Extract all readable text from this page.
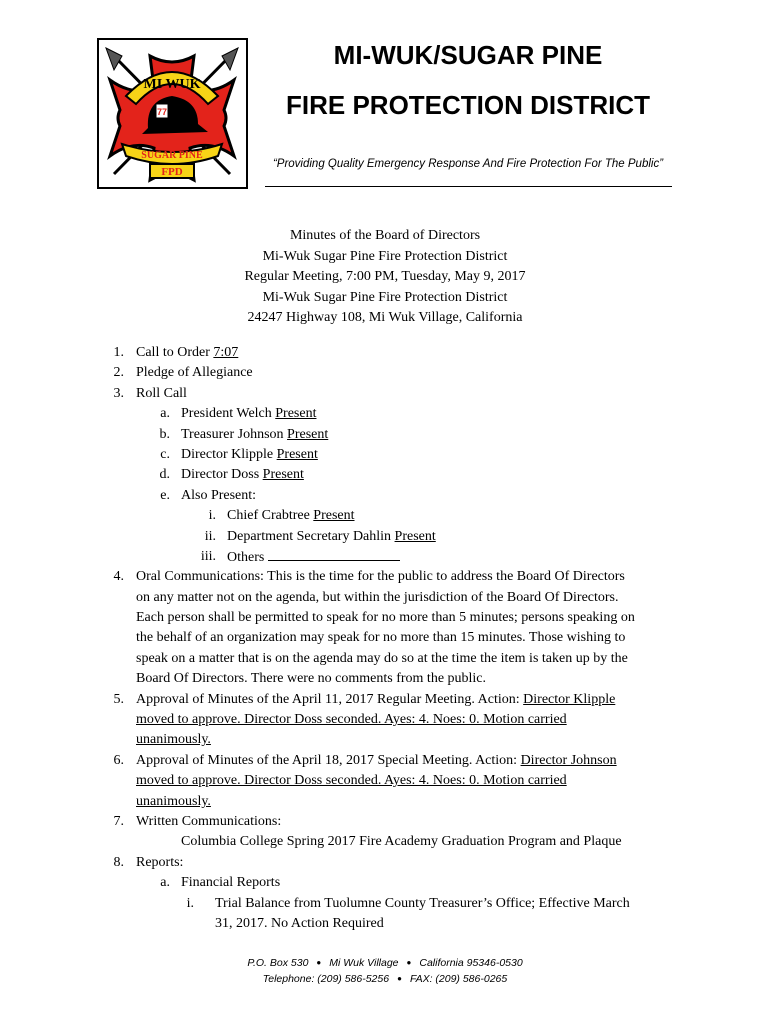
MI WUK
77
SUGAR PINE
FPD
MI-WUK/SUGAR PINE
FIRE PROTECTION DISTRICT
“Providing Quality Emergency Response And Fire Protection For The Public”
Minutes of the Board of Directors
Mi-Wuk Sugar Pine Fire Protection District
Regular Meeting, 7:00 PM, Tuesday, May 9, 2017
Mi-Wuk Sugar Pine Fire Protection District
24247 Highway 108, Mi Wuk Village, California
1. Call to Order 7:07
2. Pledge of Allegiance
3. Roll Call
a. President Welch Present
b. Treasurer Johnson Present
c. Director Klipple Present
d. Director Doss Present
e. Also Present:
i. Chief Crabtree Present
ii. Department Secretary Dahlin Present
iii. Others
4. Oral Communications: This is the time for the public to address the Board Of Directors
on any matter not on the agenda, but within the jurisdiction of the Board Of Directors.
Each person shall be permitted to speak for no more than 5 minutes; persons speaking on
the behalf of an organization may speak for no more than 15 minutes. Those wishing to
speak on a matter that is on the agenda may do so at the time the item is taken up by the
Board Of Directors. There were no comments from the public.
5. Approval of Minutes of the April 11, 2017 Regular Meeting. Action: Director Klipple
moved to approve. Director Doss seconded. Ayes: 4. Noes: 0. Motion carried
unanimously.
6. Approval of Minutes of the April 18, 2017 Special Meeting. Action: Director Johnson
moved to approve. Director Doss seconded. Ayes: 4. Noes: 0. Motion carried
unanimously.
7. Written Communications:
Columbia College Spring 2017 Fire Academy Graduation Program and Plaque
8. Reports:
a. Financial Reports
i. Trial Balance from Tuolumne County Treasurer’s Office; Effective March
31, 2017. No Action Required
P.O. Box 530 ● Mi Wuk Village ● California 95346-0530
Telephone: (209) 586-5256 ● FAX: (209) 586-0265
